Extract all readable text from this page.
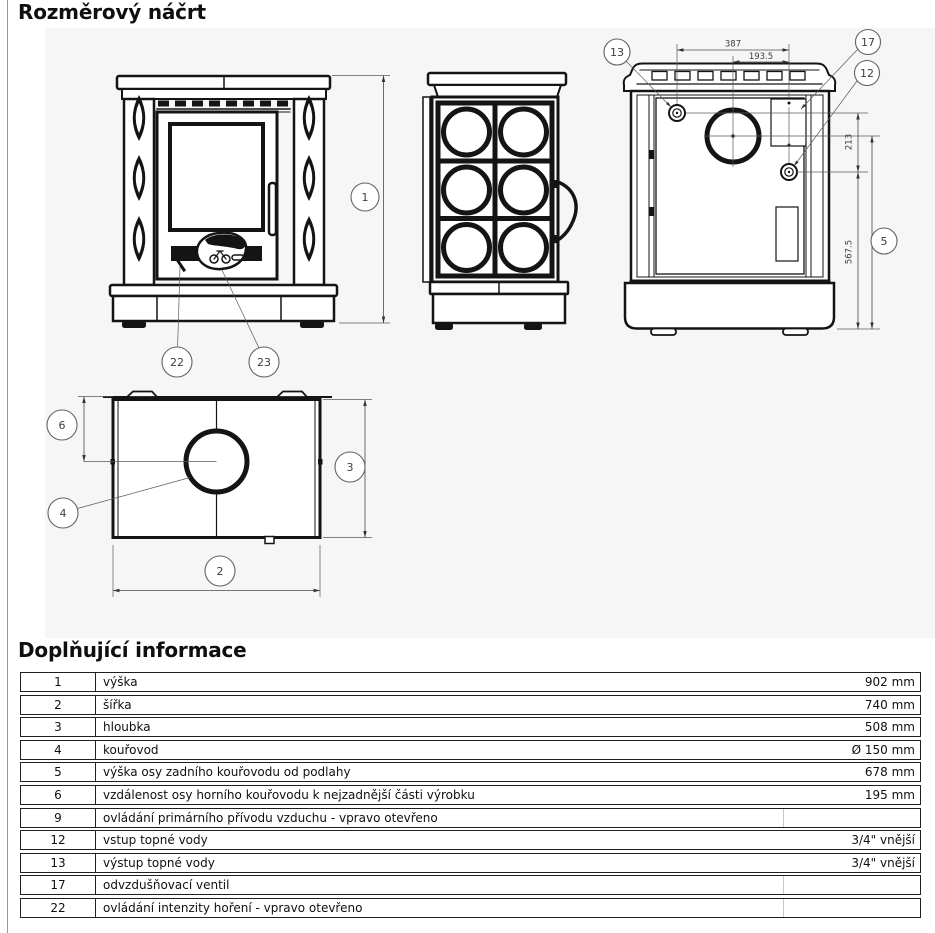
Rozměrový náčrt
1
22	23
387
193.5
213
567.5 5
13
17
12
6
3
2
4
Doplňující informace
1	výška	902 mm
2	šířka	740 mm
3	hloubka	508 mm
4	kouřovod	Ø 150 mm
5	výška osy zadního kouřovodu od podlahy	678 mm
6	vzdálenost osy horního kouřovodu k nejzadnější části výrobku	195 mm
9	ovládání primárního přívodu vzduchu - vpravo otevřeno
12	vstup topné vody	3/4" vnější
13	výstup topné vody	3/4" vnější
17	odvzdušňovací ventil
22	ovládání intenzity hoření - vpravo otevřeno
